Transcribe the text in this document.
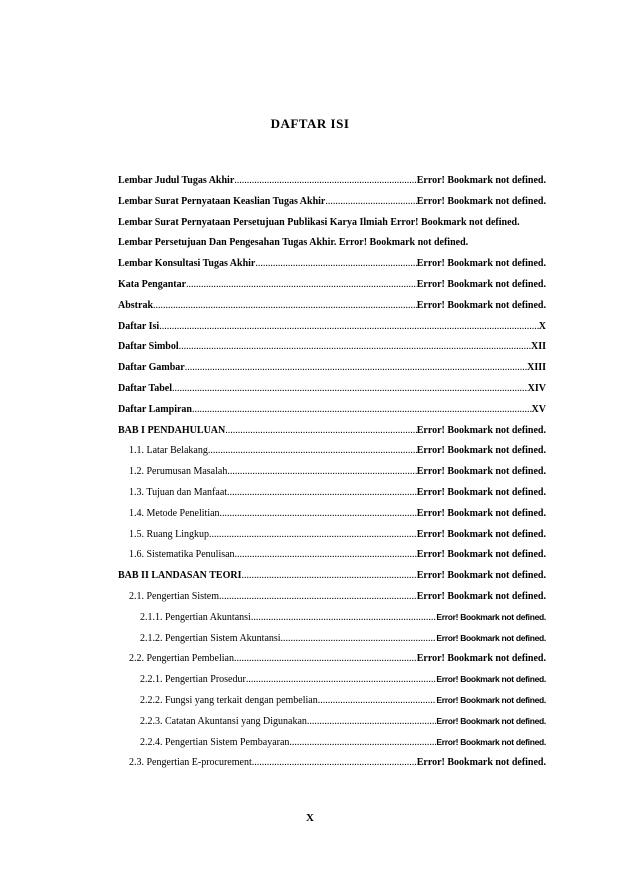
DAFTAR ISI
Lembar Judul Tugas Akhir .....	Error! Bookmark not defined.
Lembar Surat Pernyataan Keaslian Tugas Akhir .....	Error! Bookmark not defined.
Lembar Surat Pernyataan Persetujuan Publikasi Karya Ilmiah Error! Bookmark not defined.
Lembar Persetujuan Dan Pengesahan Tugas Akhir. Error! Bookmark not defined.
Lembar Konsultasi Tugas Akhir .....	Error! Bookmark not defined.
Kata Pengantar .....	Error! Bookmark not defined.
Abstrak .....	Error! Bookmark not defined.
Daftar Isi .....	X
Daftar Simbol .....	XII
Daftar Gambar .....	XIII
Daftar Tabel .....	XIV
Daftar Lampiran .....	XV
BAB I PENDAHULUAN .....	Error! Bookmark not defined.
1.1. Latar Belakang .....	Error! Bookmark not defined.
1.2. Perumusan Masalah .....	Error! Bookmark not defined.
1.3. Tujuan dan Manfaat .....	Error! Bookmark not defined.
1.4. Metode Penelitian .....	Error! Bookmark not defined.
1.5. Ruang Lingkup .....	Error! Bookmark not defined.
1.6. Sistematika Penulisan .....	Error! Bookmark not defined.
BAB II LANDASAN TEORI .....	Error! Bookmark not defined.
2.1. Pengertian Sistem .....	Error! Bookmark not defined.
2.1.1. Pengertian Akuntansi .....	Error! Bookmark not defined.
2.1.2. Pengertian Sistem Akuntansi .....	Error! Bookmark not defined.
2.2. Pengertian Pembelian .....	Error! Bookmark not defined.
2.2.1. Pengertian Prosedur .....	Error! Bookmark not defined.
2.2.2. Fungsi yang terkait dengan pembelian .....	Error! Bookmark not defined.
2.2.3. Catatan Akuntansi yang Digunakan .....	Error! Bookmark not defined.
2.2.4. Pengertian Sistem Pembayaran .....	Error! Bookmark not defined.
2.3. Pengertian E-procurement .....	Error! Bookmark not defined.
X
